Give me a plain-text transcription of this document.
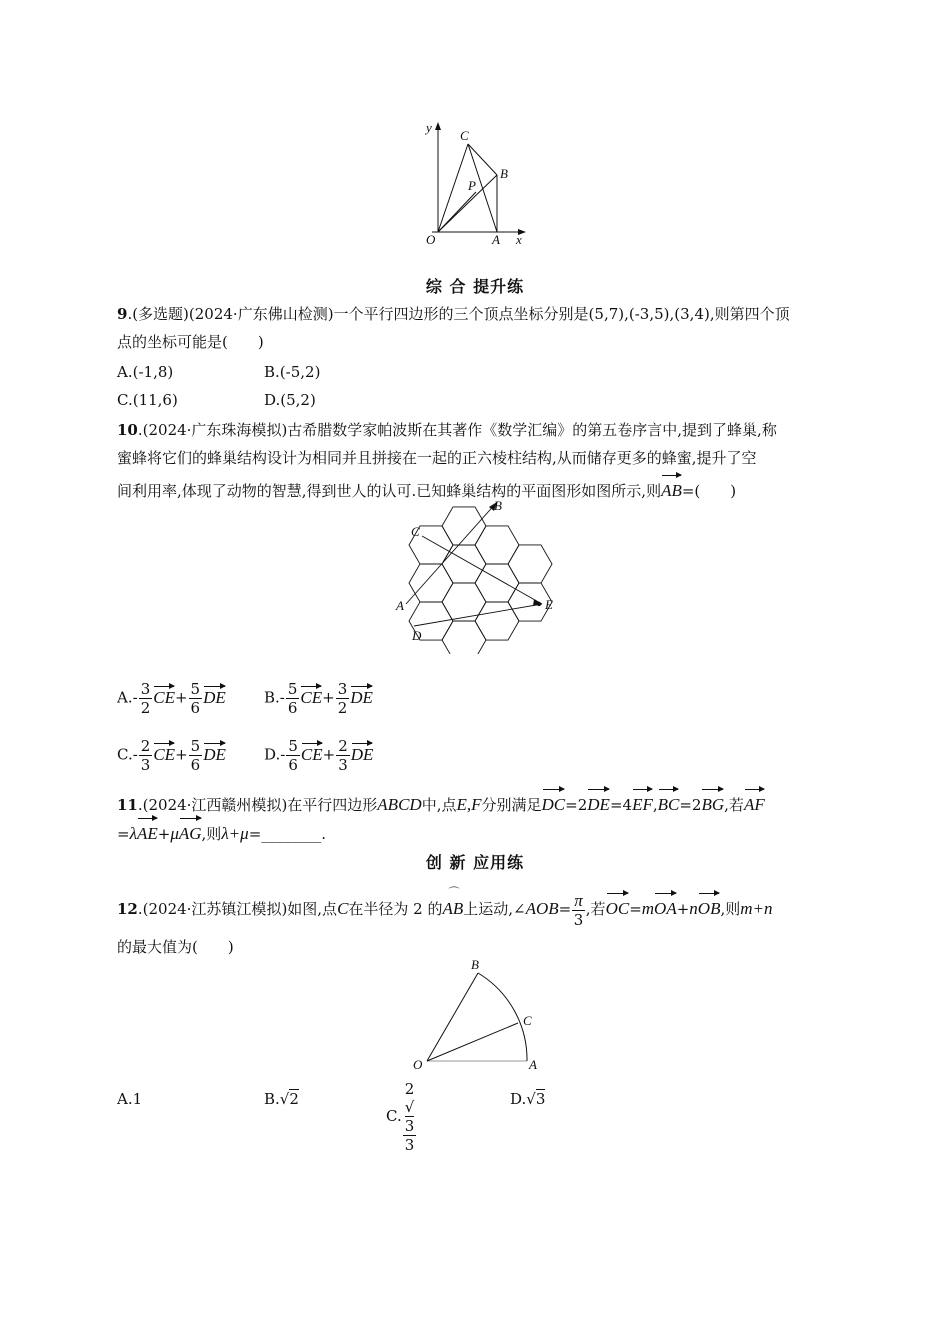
y
x
C
B
P
O	A
综 合 提升练
9.(多选题)(2024·广东佛山检测)一个平行四边形的三个顶点坐标分别是(5,7),(-3,5),(3,4),则第四个顶
点的坐标可能是(　　)
A.(-1,8)	B.(-5,2)
C.(11,6)	D.(5,2)
10.(2024·广东珠海模拟)古希腊数学家帕波斯在其著作《数学汇编》的第五卷序言中,提到了蜂巢,称
蜜蜂将它们的蜂巢结构设计为相同并且拼接在一起的正六棱柱结构,从而储存更多的蜂蜜,提升了空
间利用率,体现了动物的智慧,得到世人的认可.已知蜂巢结构的平面图形如图所示,则AB=(　　)
B
C
A	E
D
$A.- \frac{3}{2} CE+ \frac{5}{6}$ DE	$B.- \frac{5}{6} CE+ \frac{3}{2}$ DE
$C.- \frac{2}{3} CE+ \frac{5}{6}$ DE	$D.- \frac{5}{6} CE+ \frac{2}{3}$ DE
11.(2024·江西赣州模拟)在平行四边形ABCD中,点E,F分别满足DC=2DE=4EF,BC=2BG,若AF
=λAE+μAG,则λ+μ=________.
创 新 应用练
12.(2024·江苏镇江模拟)如图,点C在半径为 2 的⌒ AB上运动,∠AOB= $\frac{\pi}{3}$ ,若OC=mOA+nOB,则m+n
的最大值为(　　)
B
C
O	A
A.1	B.√2
C. 2
√
3
3	D.√3
